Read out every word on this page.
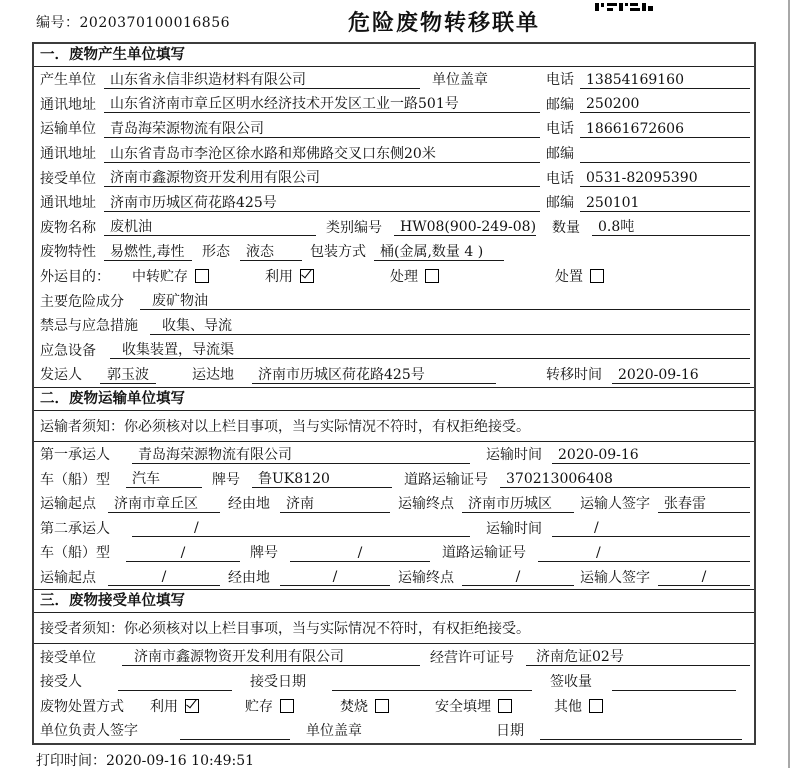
编号：2020370100016856	危险废物转移联单
一．废物产生单位填写
产生单位	山东省永信非织造材料有限公司	单位盖章	电话 13854169160
通讯地址	山东省济南市章丘区明水经济技术开发区工业一路501号	邮编 250200
运输单位	青岛海荣源物流有限公司	电话 18661672606
通讯地址	山东省青岛市李沧区徐水路和郑佛路交叉口东侧20米	邮编
接受单位	济南市鑫源物资开发利用有限公司	电话 0531-82095390
通讯地址	济南市历城区荷花路425号	邮编 250101
废物名称	废机油	类别编号	HW08(900-249-08) 数量	0.8吨
废物特性	易燃性,毒性	形态	液态	包装方式	桶(金属,数量 4 )
外运目的：	中转贮存	利用	处理	处置
主要危险成分	废矿物油
禁忌与应急措施	收集、导流
应急设备	收集装置，导流渠
发运人	郭玉波	运达地	济南市历城区荷花路425号	转移时间	2020-09-16
二．废物运输单位填写
运输者须知：你必须核对以上栏目事项，当与实际情况不符时，有权拒绝接受。
第一承运人	青岛海荣源物流有限公司	运输时间	2020-09-16
车（船）型	汽车	牌号	鲁UK8120	道路运输证号	370213006408
运输起点	济南市章丘区	经由地	济南	运输终点	济南市历城区	运输人签字	张春雷
第二承运人	/	运输时间	/
车（船）型	/	牌号	/	道路运输证号	/
运输起点	/	经由地	/	运输终点	/	运输人签字	/
三．废物接受单位填写
接受者须知：你必须核对以上栏目事项，当与实际情况不符时，有权拒绝接受。
接受单位	济南市鑫源物资开发利用有限公司	经营许可证号	济南危证02号
接受人	接受日期	签收量
废物处置方式 利用	贮存	焚烧	安全填埋	其他
单位负责人签字	单位盖章	日期
打印时间：2020-09-16 10:49:51
